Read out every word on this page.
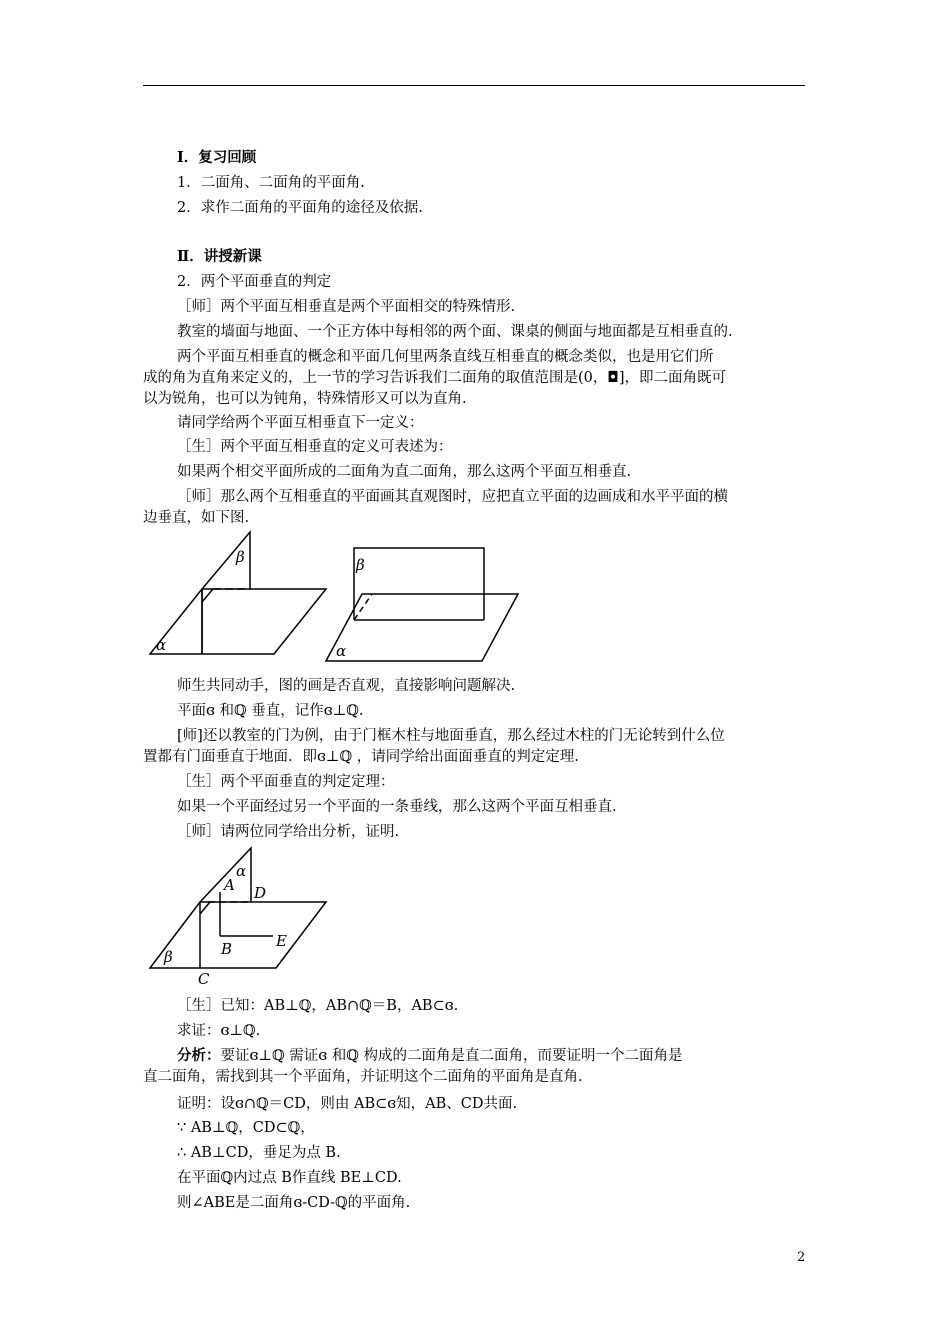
Ⅰ．复习回顾
1．二面角、二面角的平面角.
2．求作二面角的平面角的途径及依据.
Ⅱ．讲授新课
2．两个平面垂直的判定
［师］两个平面互相垂直是两个平面相交的特殊情形.
教室的墙面与地面、一个正方体中每相邻的两个面、课桌的侧面与地面都是互相垂直的.
两个平面互相垂直的概念和平面几何里两条直线互相垂直的概念类似，也是用它们所
成的角为直角来定义的，上一节的学习告诉我们二面角的取值范围是(0，◘]，即二面角既可
以为锐角，也可以为钝角，特殊情形又可以为直角.
请同学给两个平面互相垂直下一定义：
［生］两个平面互相垂直的定义可表述为：
如果两个相交平面所成的二面角为直二面角，那么这两个平面互相垂直.
［师］那么两个互相垂直的平面画其直观图时，应把直立平面的边画成和水平平面的横
边垂直，如下图.
β
α
β
α
师生共同动手，图的画是否直观，直接影响问题解决.
平面ɞ 和ℚ 垂直，记作ɞ⊥ℚ.
[师]还以教室的门为例，由于门框木柱与地面垂直，那么经过木柱的门无论转到什么位
置都有门面垂直于地面．即ɞ⊥ℚ ，请同学给出面面垂直的判定定理.
［生］两个平面垂直的判定定理：
如果一个平面经过另一个平面的一条垂线，那么这两个平面互相垂直.
［师］请两位同学给出分析，证明.
α
A D
E
B
C
β
［生］已知：AB⊥ℚ，AB∩ℚ＝B，AB⊂ɞ.
求证：ɞ⊥ℚ.
分析：要证ɞ⊥ℚ 需证ɞ 和ℚ 构成的二面角是直二面角，而要证明一个二面角是
直二面角，需找到其一个平面角，并证明这个二面角的平面角是直角.
证明：设ɞ∩ℚ＝CD，则由 AB⊂ɞ知，AB、CD共面.
∵ AB⊥ℚ，CD⊂ℚ，
∴ AB⊥CD，垂足为点 B.
在平面ℚ内过点 B作直线 BE⊥CD.
则∠ABE是二面角ɞ-CD-ℚ的平面角.
2
